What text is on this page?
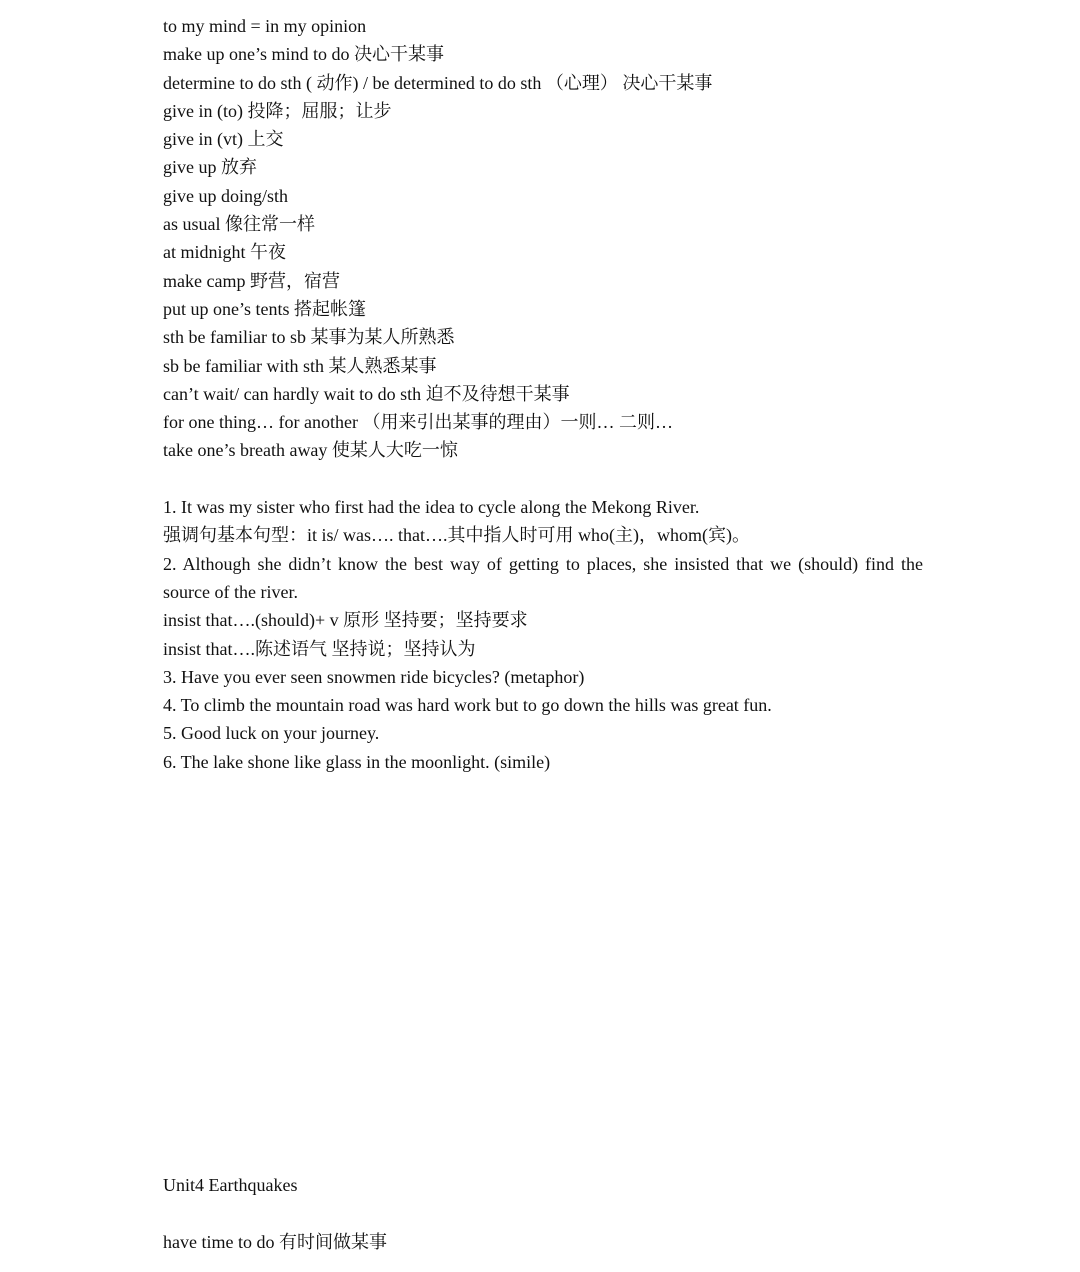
to my mind = in my opinion
make up one’s mind to do 决心干某事
determine to do sth ( 动作) / be determined to do sth （心理） 决心干某事
give in (to) 投降；屈服；让步
give in (vt) 上交
give up 放弃
give up doing/sth
as usual 像往常一样
at midnight 午夜
make camp 野营，宿营
put up one’s tents 搭起帐篷
sth be familiar to sb 某事为某人所熟悉
sb be familiar with sth 某人熟悉某事
can’t wait/ can hardly wait to do sth 迫不及待想干某事
for one thing… for another （用来引出某事的理由）一则… 二则…
take one’s breath away 使某人大吃一惊
1. It was my sister who first had the idea to cycle along the Mekong River.
强调句基本句型：it is/ was…. that….其中指人时可用 who(主)，whom(宾)。
2. Although she didn’t know the best way of getting to places, she insisted that we (should) find the source of the river.
insist that….(should)+ v 原形 坚持要；坚持要求
insist that….陈述语气 坚持说；坚持认为
3. Have you ever seen snowmen ride bicycles? (metaphor)
4. To climb the mountain road was hard work but to go down the hills was great fun.
5. Good luck on your journey.
6. The lake shone like glass in the moonlight. (simile)
Unit4 Earthquakes
have time to do 有时间做某事
